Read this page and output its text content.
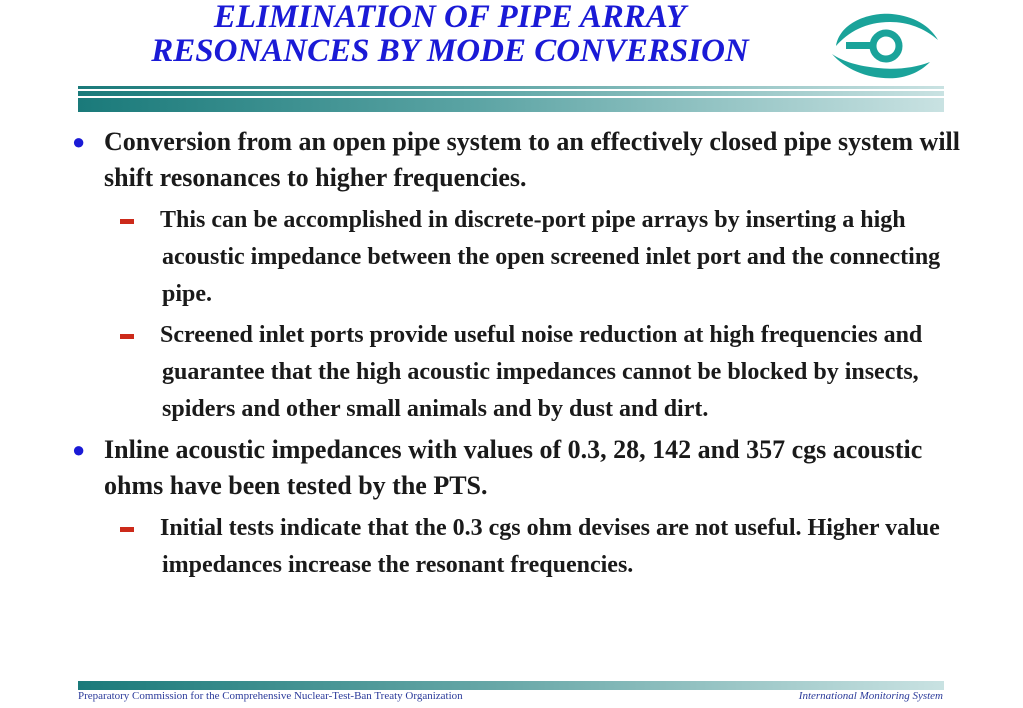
ELIMINATION OF PIPE ARRAY
RESONANCES BY MODE CONVERSION
● Conversion from an open pipe system to an effectively closed pipe system will shift resonances to higher frequencies.
This can be accomplished in discrete-port pipe arrays by inserting a high acoustic impedance between the open screened inlet port and the connecting pipe.
Screened inlet ports provide useful noise reduction at high frequencies and guarantee that the high acoustic impedances cannot be blocked by insects, spiders and other small animals and by dust and dirt.
● Inline acoustic impedances with values of 0.3, 28, 142 and 357 cgs acoustic ohms have been tested by the PTS.
Initial tests indicate that the 0.3 cgs ohm devises are not useful. Higher value impedances increase the resonant frequencies.
Preparatory Commission for the Comprehensive Nuclear-Test-Ban Treaty Organization	International Monitoring System
